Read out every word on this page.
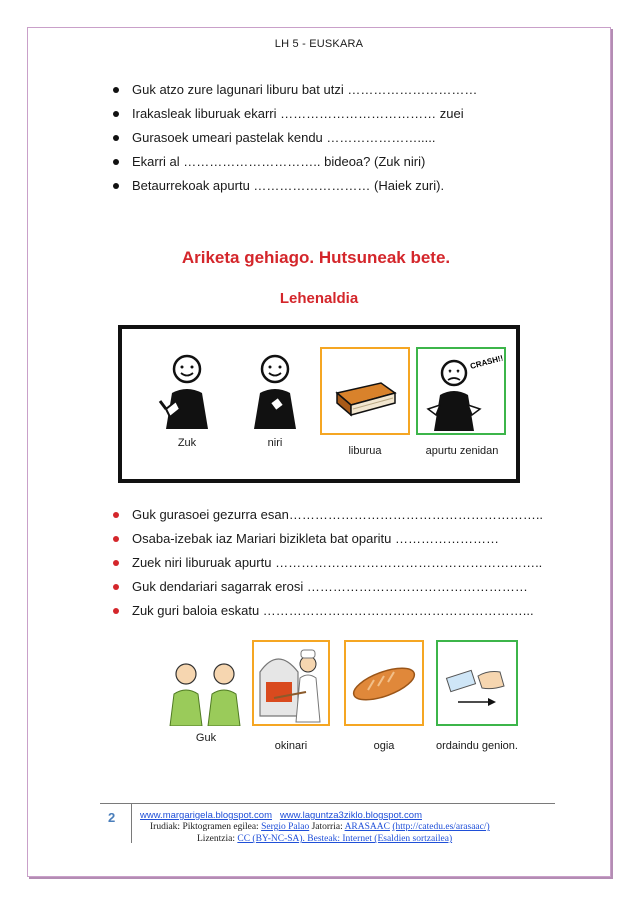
LH 5 - EUSKARA
Guk atzo zure lagunari liburu bat utzi …………………………
Irakasleak liburuak ekarri ……………………………… zuei
Gurasoek umeari pastelak kendu ………………….....
Ekarri al ………………………….. bideoa? (Zuk niri)
Betaurrekoak apurtu ……………………… (Haiek zuri).
Ariketa gehiago. Hutsuneak bete.
Lehenaldia
Zuk	niri
liburua
CRASH!!
apurtu zenidan
Guk gurasoei gezurra esan…………………………………………………..
Osaba-izebak iaz Mariari bizikleta bat oparitu ……………………
Zuek niri liburuak apurtu ……………………………………………………..
Guk dendariari sagarrak erosi ……………………………………………
Zuk guri baloia eskatu ……………………………………………………...
Guk
okinari	ogia	ordaindu genion.
2	www.margarigela.blogspot.com www.laguntza3ziklo.blogspot.com
Irudiak: Piktogramen egilea: Sergio Palao Jatorria: ARASAAC (http://catedu.es/arasaac/)
Lizentzia: CC (BY-NC-SA). Besteak: Internet (Esaldien sortzailea)
